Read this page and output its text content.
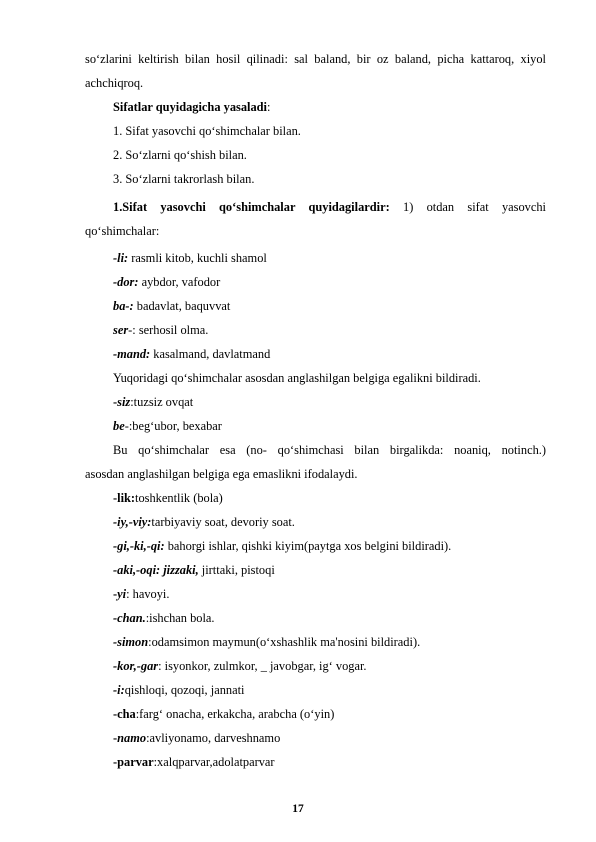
17
so‘zlarini keltirish bilan hosil qilinadi: sal baland, bir oz baland, picha kattaroq, xiyol
achchiqroq.
Sifatlar quyidagicha yasaladi:
1. Sifat yasovchi qo‘shimchalar bilan.
2. So‘zlarni qo‘shish bilan.
3. So‘zlarni takrorlash bilan.
1.Sifat yasovchi qo‘shimchalar quyidagilardir: 1) otdan sifat yasovchi
qo‘shimchalar:
-li: rasmli kitob, kuchli shamol
-dor: aybdor, vafodor
ba-: badavlat, baquvvat
ser-: serhosil olma.
-mand: kasalmand, davlatmand
Yuqoridagi qo‘shimchalar asosdan anglashilgan belgiga egalikni bildiradi.
-siz:tuzsiz ovqat
be-:beg‘ubor, bexabar
Bu qo‘shimchalar esa (no- qo‘shimchasi bilan birgalikda: noaniq, notinch.)
asosdan anglashilgan belgiga ega emaslikni ifodalaydi.
-lik:toshkentlik (bola)
-iy,-viy:tarbiyaviy soat, devoriy soat.
-gi,-ki,-qi: bahorgi ishlar, qishki kiyim(paytga xos belgini bildiradi).
-aki,-oqi: jizzaki, jirttaki, pistoqi
-yi: havoyi.
-chan.:ishchan bola.
-simon:odamsimon maymun(o‘xshashlik ma'nosini bildiradi).
-kor,-gar: isyonkor, zulmkor, _ javobgar, ig‘ vogar.
-i:qishloqi, qozoqi, jannati
-cha:farg‘ onacha, erkakcha, arabcha (o‘yin)
-namo:avliyonamo, darveshnamo
-parvar:xalqparvar,adolatparvar
